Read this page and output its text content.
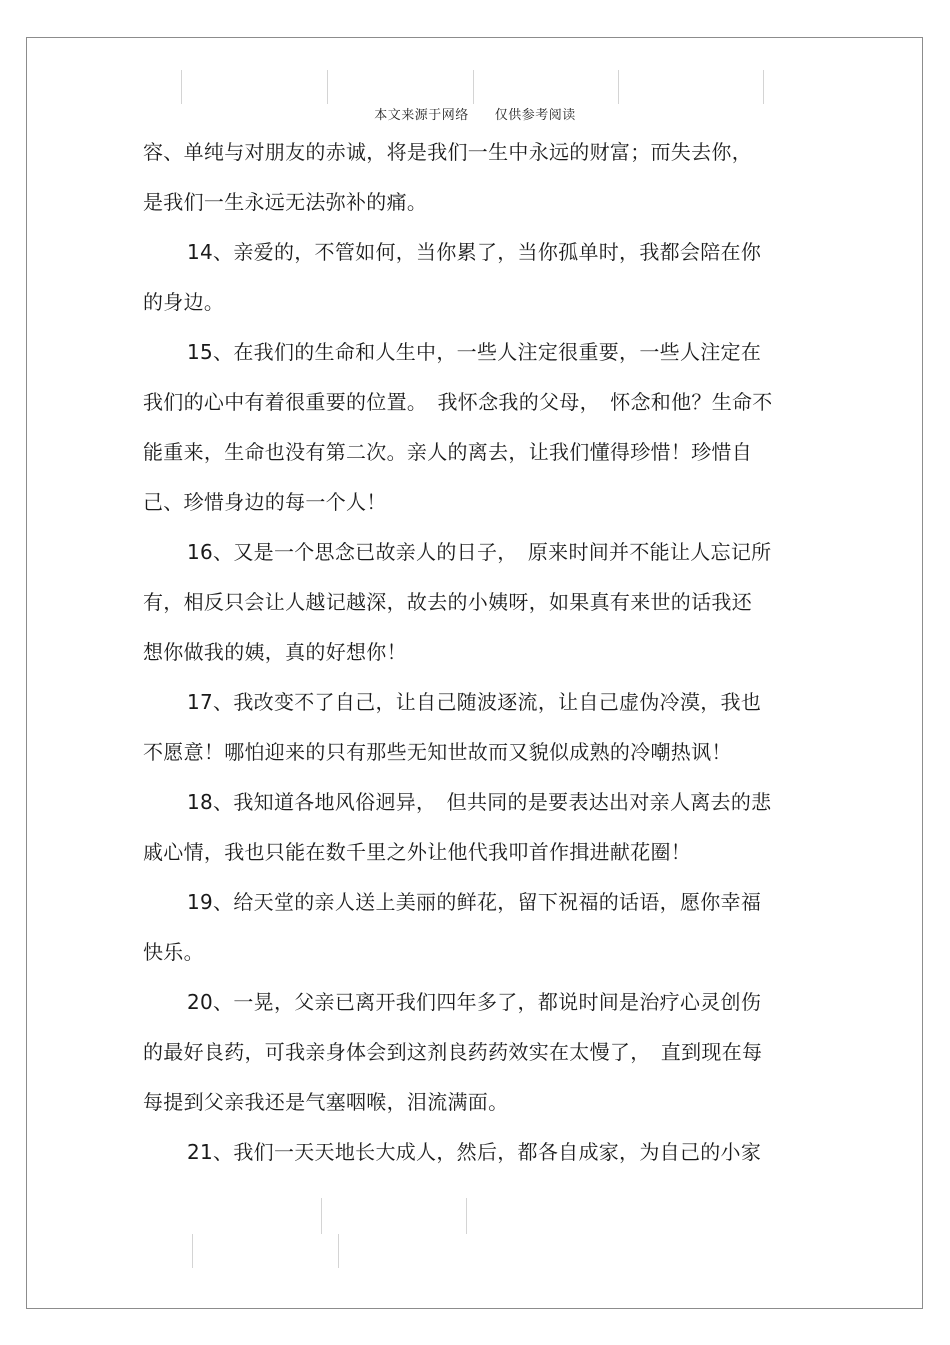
本文来源于网络 仅供参考阅读
容、单纯与对朋友的赤诚，将是我们一生中永远的财富；而失去你，
是我们一生永远无法弥补的痛。
14、亲爱的，不管如何，当你累了，当你孤单时，我都会陪在你
的身边。
15、在我们的生命和人生中，一些人注定很重要，一些人注定在
我们的心中有着很重要的位置。　我怀念我的父母，　怀念和他？生命不
能重来，生命也没有第二次。亲人的离去，让我们懂得珍惜！珍惜自
己、珍惜身边的每一个人！
16、又是一个思念已故亲人的日子，　原来时间并不能让人忘记所
有，相反只会让人越记越深，故去的小姨呀，如果真有来世的话我还
想你做我的姨，真的好想你！
17、我改变不了自己，让自己随波逐流，让自己虚伪冷漠，我也
不愿意！哪怕迎来的只有那些无知世故而又貌似成熟的冷嘲热讽！
18、我知道各地风俗迥异，　但共同的是要表达出对亲人离去的悲
戚心情，我也只能在数千里之外让他代我叩首作揖进献花圈！
19、给天堂的亲人送上美丽的鲜花，留下祝福的话语，愿你幸福
快乐。
20、一晃，父亲已离开我们四年多了，都说时间是治疗心灵创伤
的最好良药，可我亲身体会到这剂良药药效实在太慢了，　直到现在每
每提到父亲我还是气塞咽喉，泪流满面。
21、我们一天天地长大成人，然后，都各自成家，为自己的小家
